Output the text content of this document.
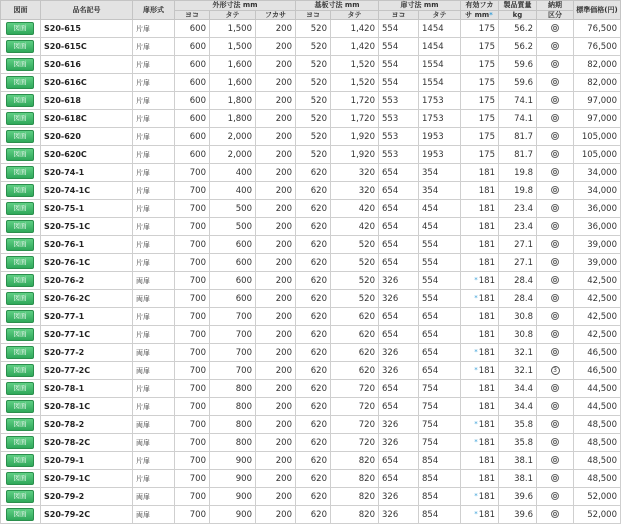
図面	品名記号	扉形式	外形寸法 mm			基板寸法 mm		扉寸法 mm		有効フカ	製品質量	納期	標準価格(円)
			ヨコ	タテ	フカサ	ヨコ	タテ	ヨコ	タテ	サ mm*	kg	区分	
図面	S20-615	片扉	600	1,500	200	520	1,420	554	1454	175	56.2		76,500
図面	S20-615C	片扉	600	1,500	200	520	1,420	554	1454	175	56.2		76,500
図面	S20-616	片扉	600	1,600	200	520	1,520	554	1554	175	59.6		82,000
図面	S20-616C	片扉	600	1,600	200	520	1,520	554	1554	175	59.6		82,000
図面	S20-618	片扉	600	1,800	200	520	1,720	553	1753	175	74.1		97,000
図面	S20-618C	片扉	600	1,800	200	520	1,720	553	1753	175	74.1		97,000
図面	S20-620	片扉	600	2,000	200	520	1,920	553	1953	175	81.7		105,000
図面	S20-620C	片扉	600	2,000	200	520	1,920	553	1953	175	81.7		105,000
図面	S20-74-1	片扉	700	400	200	620	320	654	354	181	19.8		34,000
図面	S20-74-1C	片扉	700	400	200	620	320	654	354	181	19.8		34,000
図面	S20-75-1	片扉	700	500	200	620	420	654	454	181	23.4		36,000
図面	S20-75-1C	片扉	700	500	200	620	420	654	454	181	23.4		36,000
図面	S20-76-1	片扉	700	600	200	620	520	654	554	181	27.1		39,000
図面	S20-76-1C	片扉	700	600	200	620	520	654	554	181	27.1		39,000
図面	S20-76-2	両扉	700	600	200	620	520	326	554	*181	28.4		42,500
図面	S20-76-2C	両扉	700	600	200	620	520	326	554	*181	28.4		42,500
図面	S20-77-1	片扉	700	700	200	620	620	654	654	181	30.8		42,500
図面	S20-77-1C	片扉	700	700	200	620	620	654	654	181	30.8		42,500
図面	S20-77-2	両扉	700	700	200	620	620	326	654	*181	32.1		46,500
図面	S20-77-2C	両扉	700	700	200	620	620	326	654	*181	32.1	3	46,500
図面	S20-78-1	片扉	700	800	200	620	720	654	754	181	34.4		44,500
図面	S20-78-1C	片扉	700	800	200	620	720	654	754	181	34.4		44,500
図面	S20-78-2	両扉	700	800	200	620	720	326	754	*181	35.8		48,500
図面	S20-78-2C	両扉	700	800	200	620	720	326	754	*181	35.8		48,500
図面	S20-79-1	片扉	700	900	200	620	820	654	854	181	38.1		48,500
図面	S20-79-1C	片扉	700	900	200	620	820	654	854	181	38.1		48,500
図面	S20-79-2	両扉	700	900	200	620	820	326	854	*181	39.6		52,000
図面	S20-79-2C	両扉	700	900	200	620	820	326	854	*181	39.6		52,000
